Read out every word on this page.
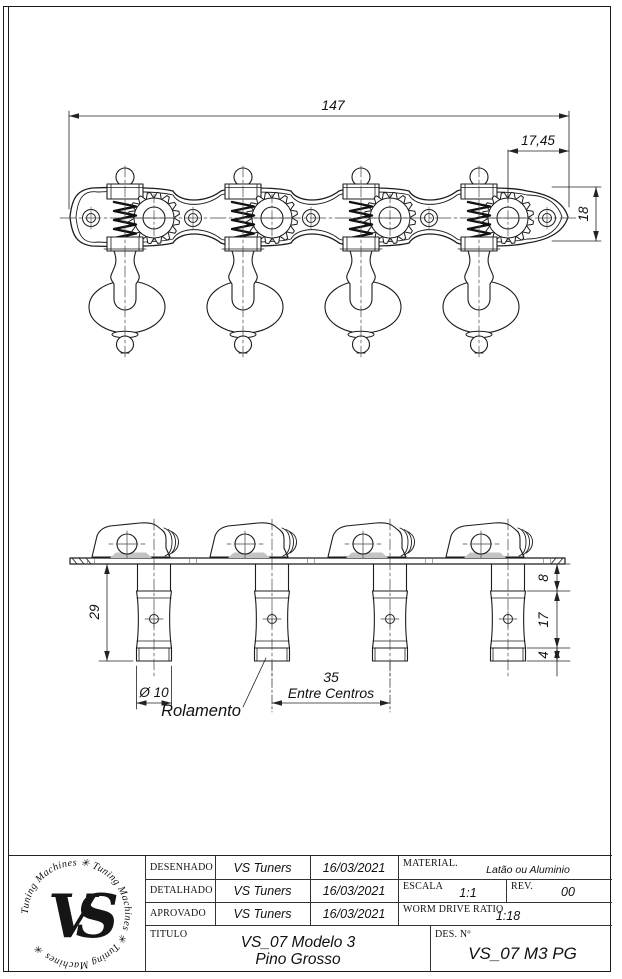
147
17,45
18
29
Ø 10
Rolamento
35
Entre Centros
8
17
4
Tuning Machines ✳ Tuning Machines ✳ Tuning Machines ✳ VS
DESENHADO	VS Tuners	16/03/2021
DETALHADO	VS Tuners	16/03/2021
APROVADO	VS Tuners	16/03/2021
MATERIAL.
Latão ou Aluminio
ESCALA	1:1	REV.	00
WORM DRIVE RATIO
1:18
TITULO	VS_07 Modelo 3
Pino Grosso
DES. Nº
VS_07 M3 PG
